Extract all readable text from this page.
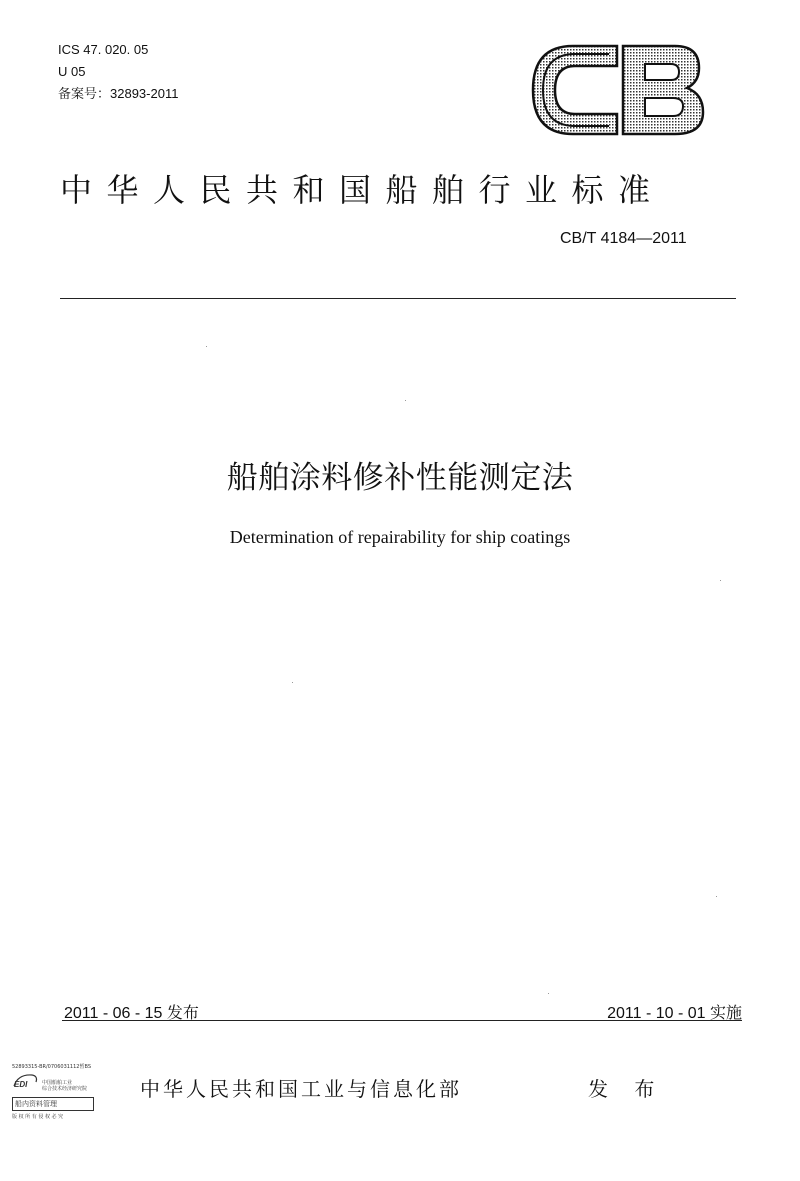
ICS 47. 020. 05
U 05
备案号：32893-2011
中华人民共和国船舶行业标准
CB/T 4184—2011
船舶涂料修补性能测定法
Determination of repairability for ship coatings
2011 - 06 - 15 发布	2011 - 10 - 01 实施
52893315-BR/0706031112暂BS
EDI	中国船舶工业
综合技术经济研究院
船内资料管理
版 权 所 有 侵 权 必 究
中华人民共和国工业与信息化部	发 布
